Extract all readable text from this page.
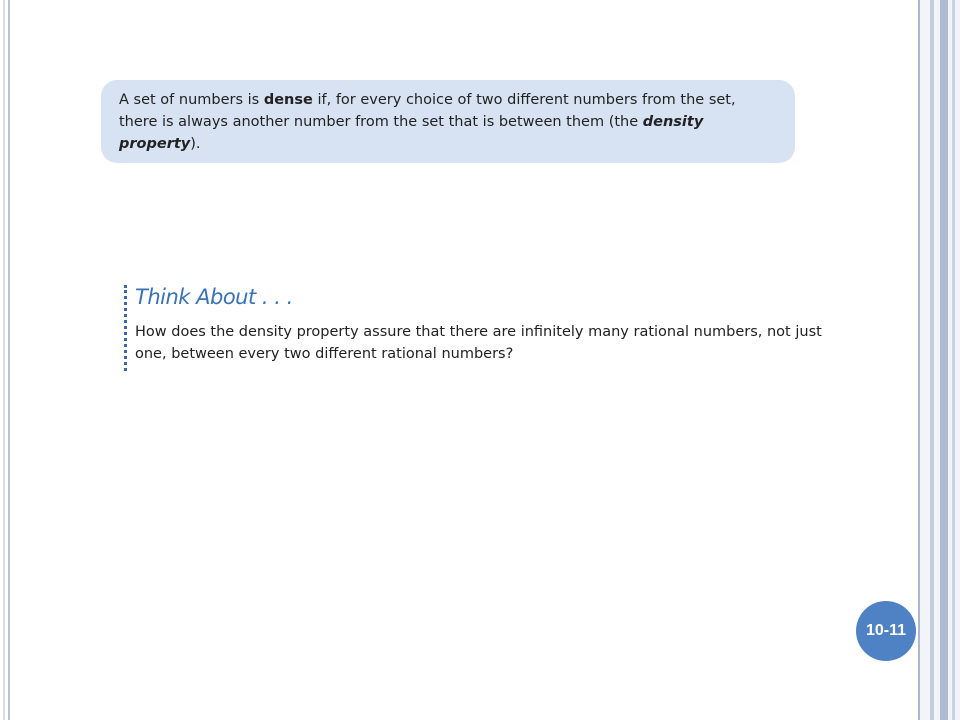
A set of numbers is dense if, for every choice of two different numbers from the set, there is always another number from the set that is between them (the density property).
Think About . . .
How does the density property assure that there are infinitely many rational numbers, not just one, between every two different rational numbers?
10-11
